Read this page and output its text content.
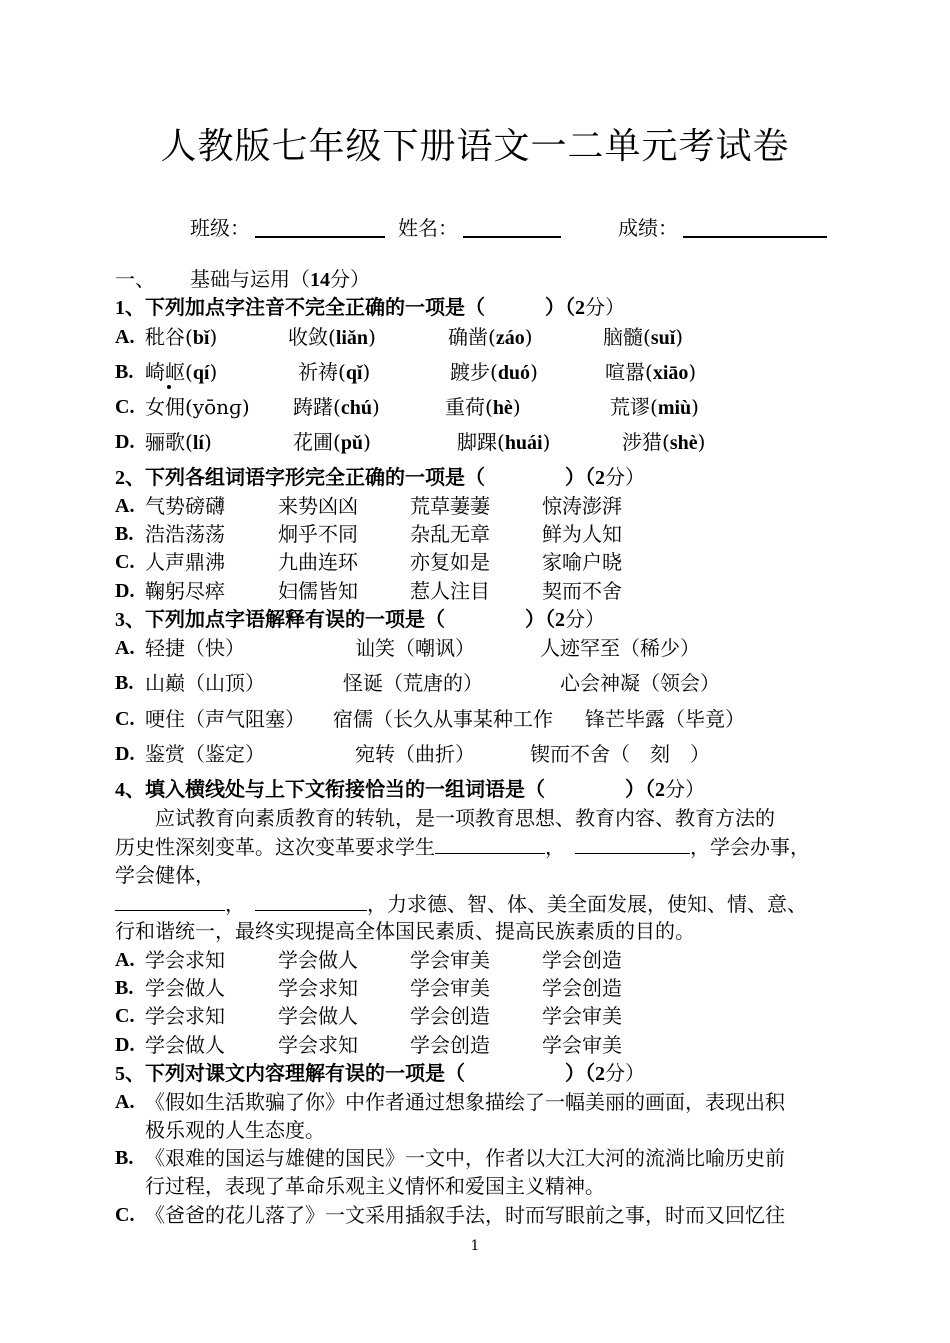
人教版七年级下册语文一二单元考试卷
班级：	姓名：	成绩：
一、 基础与运用（14分）
1、下列加点字注音不完全正确的一项是（　　　）（2分）
A. 秕谷(bǐ)	收敛(liǎn)	确凿(záo)	脑髓(suǐ)
B. 崎岖(qí)	祈祷(qǐ)	踱步(duó)	喧嚣(xiāo)
C. 女佣(yōnɡ) 踌躇(chú)	重荷(hè)	荒谬(miù)
D. 骊歌(lí)	花圃(pǔ)	脚踝(huái)	涉猎(shè)
2、下列各组词语字形完全正确的一项是（　　　　）（2分）
A. 气势磅礴	来势凶凶	荒草萋萋	惊涛澎湃
B. 浩浩荡荡	炯乎不同	杂乱无章	鲜为人知
C. 人声鼎沸	九曲连环	亦复如是	家喻户晓
D. 鞠躬尽瘁	妇儒皆知	惹人注目	契而不舍
3、下列加点字语解释有误的一项是（　　　　）（2分）
A. 轻捷（快）	讪笑（嘲讽）	人迹罕至（稀少）
B. 山巅（山顶）	怪诞（荒唐的）	心会神凝（领会）
C. 哽住（声气阻塞） 宿儒（长久从事某种工作 锋芒毕露（毕竟）
D. 鉴赏（鉴定）	宛转（曲折）	锲而不舍（　刻　）
4、填入横线处与上下文衔接恰当的一组词语是（　　　　）（2分）
应试教育向素质教育的转轨，是一项教育思想、教育内容、教育方法的
历史性深刻变革。这次变革要求学生	，	，学会办事，
学会健体，
，	，力求德、智、体、美全面发展，使知、情、意、
行和谐统一，最终实现提高全体国民素质、提高民族素质的目的。
A. 学会求知	学会做人	学会审美	学会创造
B. 学会做人	学会求知	学会审美	学会创造
C. 学会求知	学会做人	学会创造	学会审美
D. 学会做人	学会求知	学会创造	学会审美
5、下列对课文内容理解有误的一项是（　　　　　）（2分）
A. 《假如生活欺骗了你》中作者通过想象描绘了一幅美丽的画面，表现出积
极乐观的人生态度。
B. 《艰难的国运与雄健的国民》一文中，作者以大江大河的流淌比喻历史前
行过程，表现了革命乐观主义情怀和爱国主义精神。
C. 《爸爸的花儿落了》一文采用插叙手法，时而写眼前之事，时而又回忆往
1
